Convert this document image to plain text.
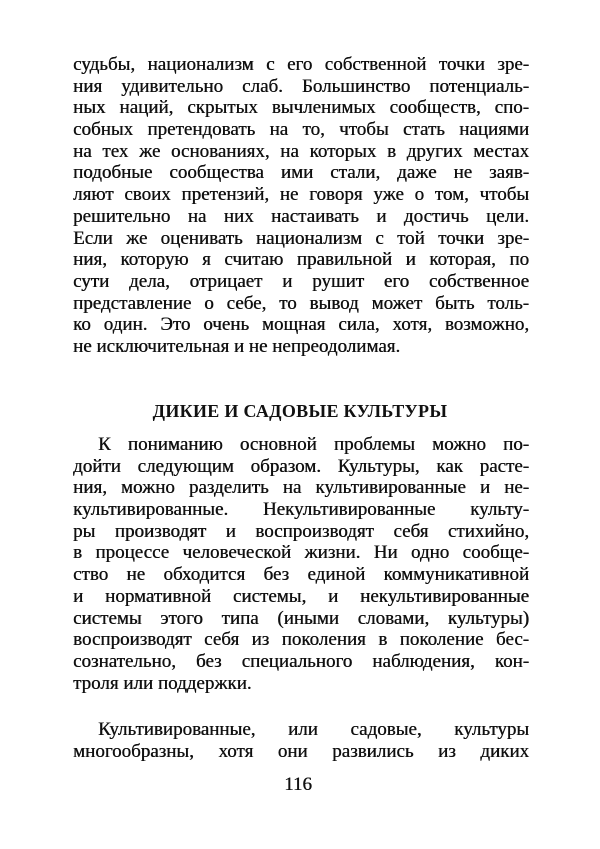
судьбы, национализм с его собственной точки зре-
ния удивительно слаб. Большинство потенциаль-
ных наций, скрытых вычленимых сообществ, спо-
собных претендовать на то, чтобы стать нациями
на тех же основаниях, на которых в других местах
подобные сообщества ими стали, даже не заяв-
ляют своих претензий, не говоря уже о том, чтобы
решительно на них настаивать и достичь цели.
Если же оценивать национализм с той точки зре-
ния, которую я считаю правильной и которая, по
сути дела, отрицает и рушит его собственное
представление о себе, то вывод может быть толь-
ко один. Это очень мощная сила, хотя, возможно,
не исключительная и не непреодолимая.
ДИКИЕ И САДОВЫЕ КУЛЬТУРЫ
К пониманию основной проблемы можно по-
дойти следующим образом. Культуры, как расте-
ния, можно разделить на культивированные и не-
культивированные. Некультивированные культу-
ры производят и воспроизводят себя стихийно,
в процессе человеческой жизни. Ни одно сообще-
ство не обходится без единой коммуникативной
и нормативной системы, и некультивированные
системы этого типа (иными словами, культуры)
воспроизводят себя из поколения в поколение бес-
сознательно, без специального наблюдения, кон-
троля или поддержки.
Культивированные, или садовые, культуры
многообразны, хотя они развились из диких
116
